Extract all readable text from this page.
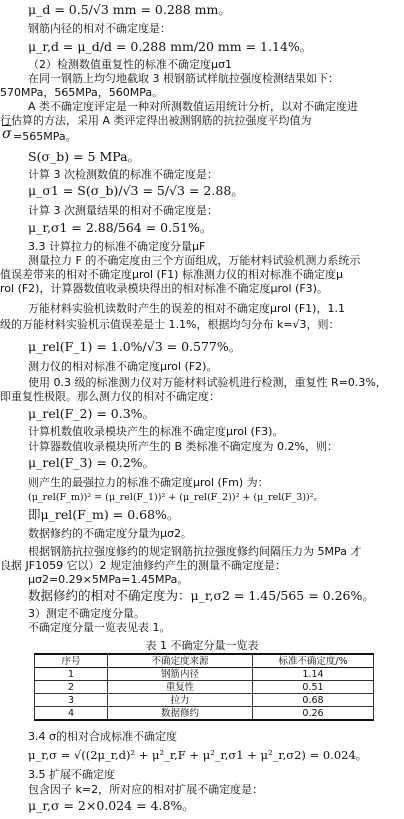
μ_d = 0.5/√3 mm = 0.288 mm。
钢筋内径的相对不确定度是：
μ_r,d = μ_d/d = 0.288 mm/20 mm = 1.14%。
（2）检测数值重复性的标准不确定度μσ1
在同一钢筋上均匀地截取 3 根钢筋试样航拉强度检测结果如下：
570MPa，565MPa，560MPa。
A 类不确定度评定是一种对所测数值运用统计分析，以对不确定度进
行估算的方法，采用 A 类评定得出被测钢筋的抗拉强度平均值为
$\overline{\sigma} =565MPa$。
S(σ_b) = 5 MPa。
计算 3 次检测数值的标准不确定度是：
μ_σ1 = S(σ_b)/√3 = 5/√3 = 2.88。
计算 3 次测量结果的相对不确定度是：
μ_r,σ1 = 2.88/564 = 0.51%。
3.3 计算拉力的标准不确定度分量μF
测量拉力 F 的不确定度由三个方面组成，万能材料试验机测力系统示
值误差带来的相对不确定度μrol (F1) 标准测力仪的相对标准不确定度μ
rol (F2)，计算器数值收录模块得出的相对标准不确定度μrol (F3)。
万能材料实验机读数时产生的误差的相对不确定度μrol (F1)，1.1
级的万能材料实验机示值误差是士 1.1%，根据均匀分布 k=√3，则：
μ_rel(F_1) = 1.0%/√3 = 0.577%。
测力仪的相对标准不确定度μrol (F2)。
使用 0.3 级的标准测力仪对万能材料试验机进行检测，重复性 R=0.3%，
即重复性极限。那么测力仪的相对不确定度：
μ_rel(F_2) = 0.3%。
计算机数值收录模块产生的标准不确定度μrol (F3)。
计算器数值收录模块所产生的 B 类标准不确定度为 0.2%，则：
μ_rel(F_3) = 0.2%。
则产生的最强拉力的标准不确定度μrol (Fm) 为：
(μ_rel(F_m))² = (μ_rel(F_1))² + (μ_rel(F_2))² + (μ_rel(F_3))²。
即μ_rel(F_m) = 0.68%。
数据修约的不确定度分量为μσ2。
根据钢筋抗拉强度修约的规定钢筋抗拉强度修约间隔压力为 5MPa 才
良据 JF1059 它以）2 规定油修约产生的测量不确定度是：
μσ2=0.29×5MPa=1.45MPa。
数据修约的相对不确定度为：μ_r,σ2 = 1.45/565 = 0.26%。
3）测定不确定度分量。
不确定度分量一览表见表 1。
表 1 不确定分量一览表
序号	不确定度来源	标准不确定度/%
1	钢筋内径	1.14
2	重复性	0.51
3	拉力	0.68
4	数据修约	0.26
3.4 σ的相对合成标准不确定度
μ_r,σ = √((2μ_r,d)² + μ²_r,F + μ²_r,σ1 + μ²_r,σ2) = 0.024。
3.5 扩展不确定度
包含因子 k=2，所对应的相对扩展不确定度是：
μ_r,σ = 2×0.024 = 4.8%。
